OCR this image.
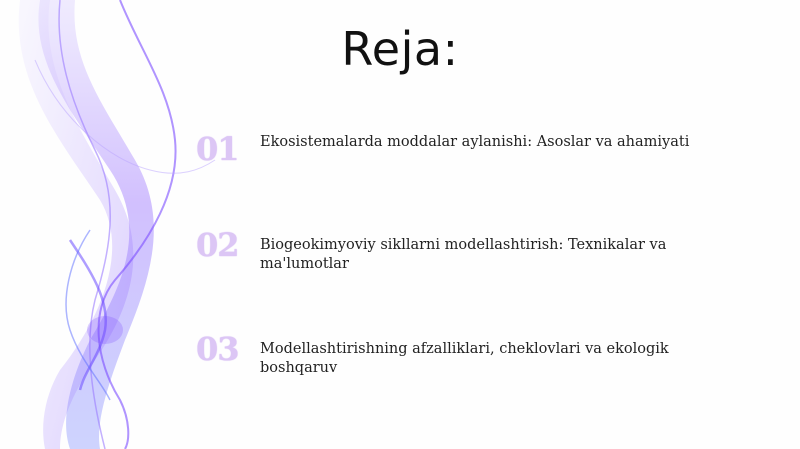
Reja:
01	Ekosistemalarda moddalar aylanishi: Asoslar va ahamiyati
02	Biogeokimyoviy sikllarni modellashtirish: Texnikalar va ma'lumotlar
03	Modellashtirishning afzalliklari, cheklovlari va ekologik boshqaruv
